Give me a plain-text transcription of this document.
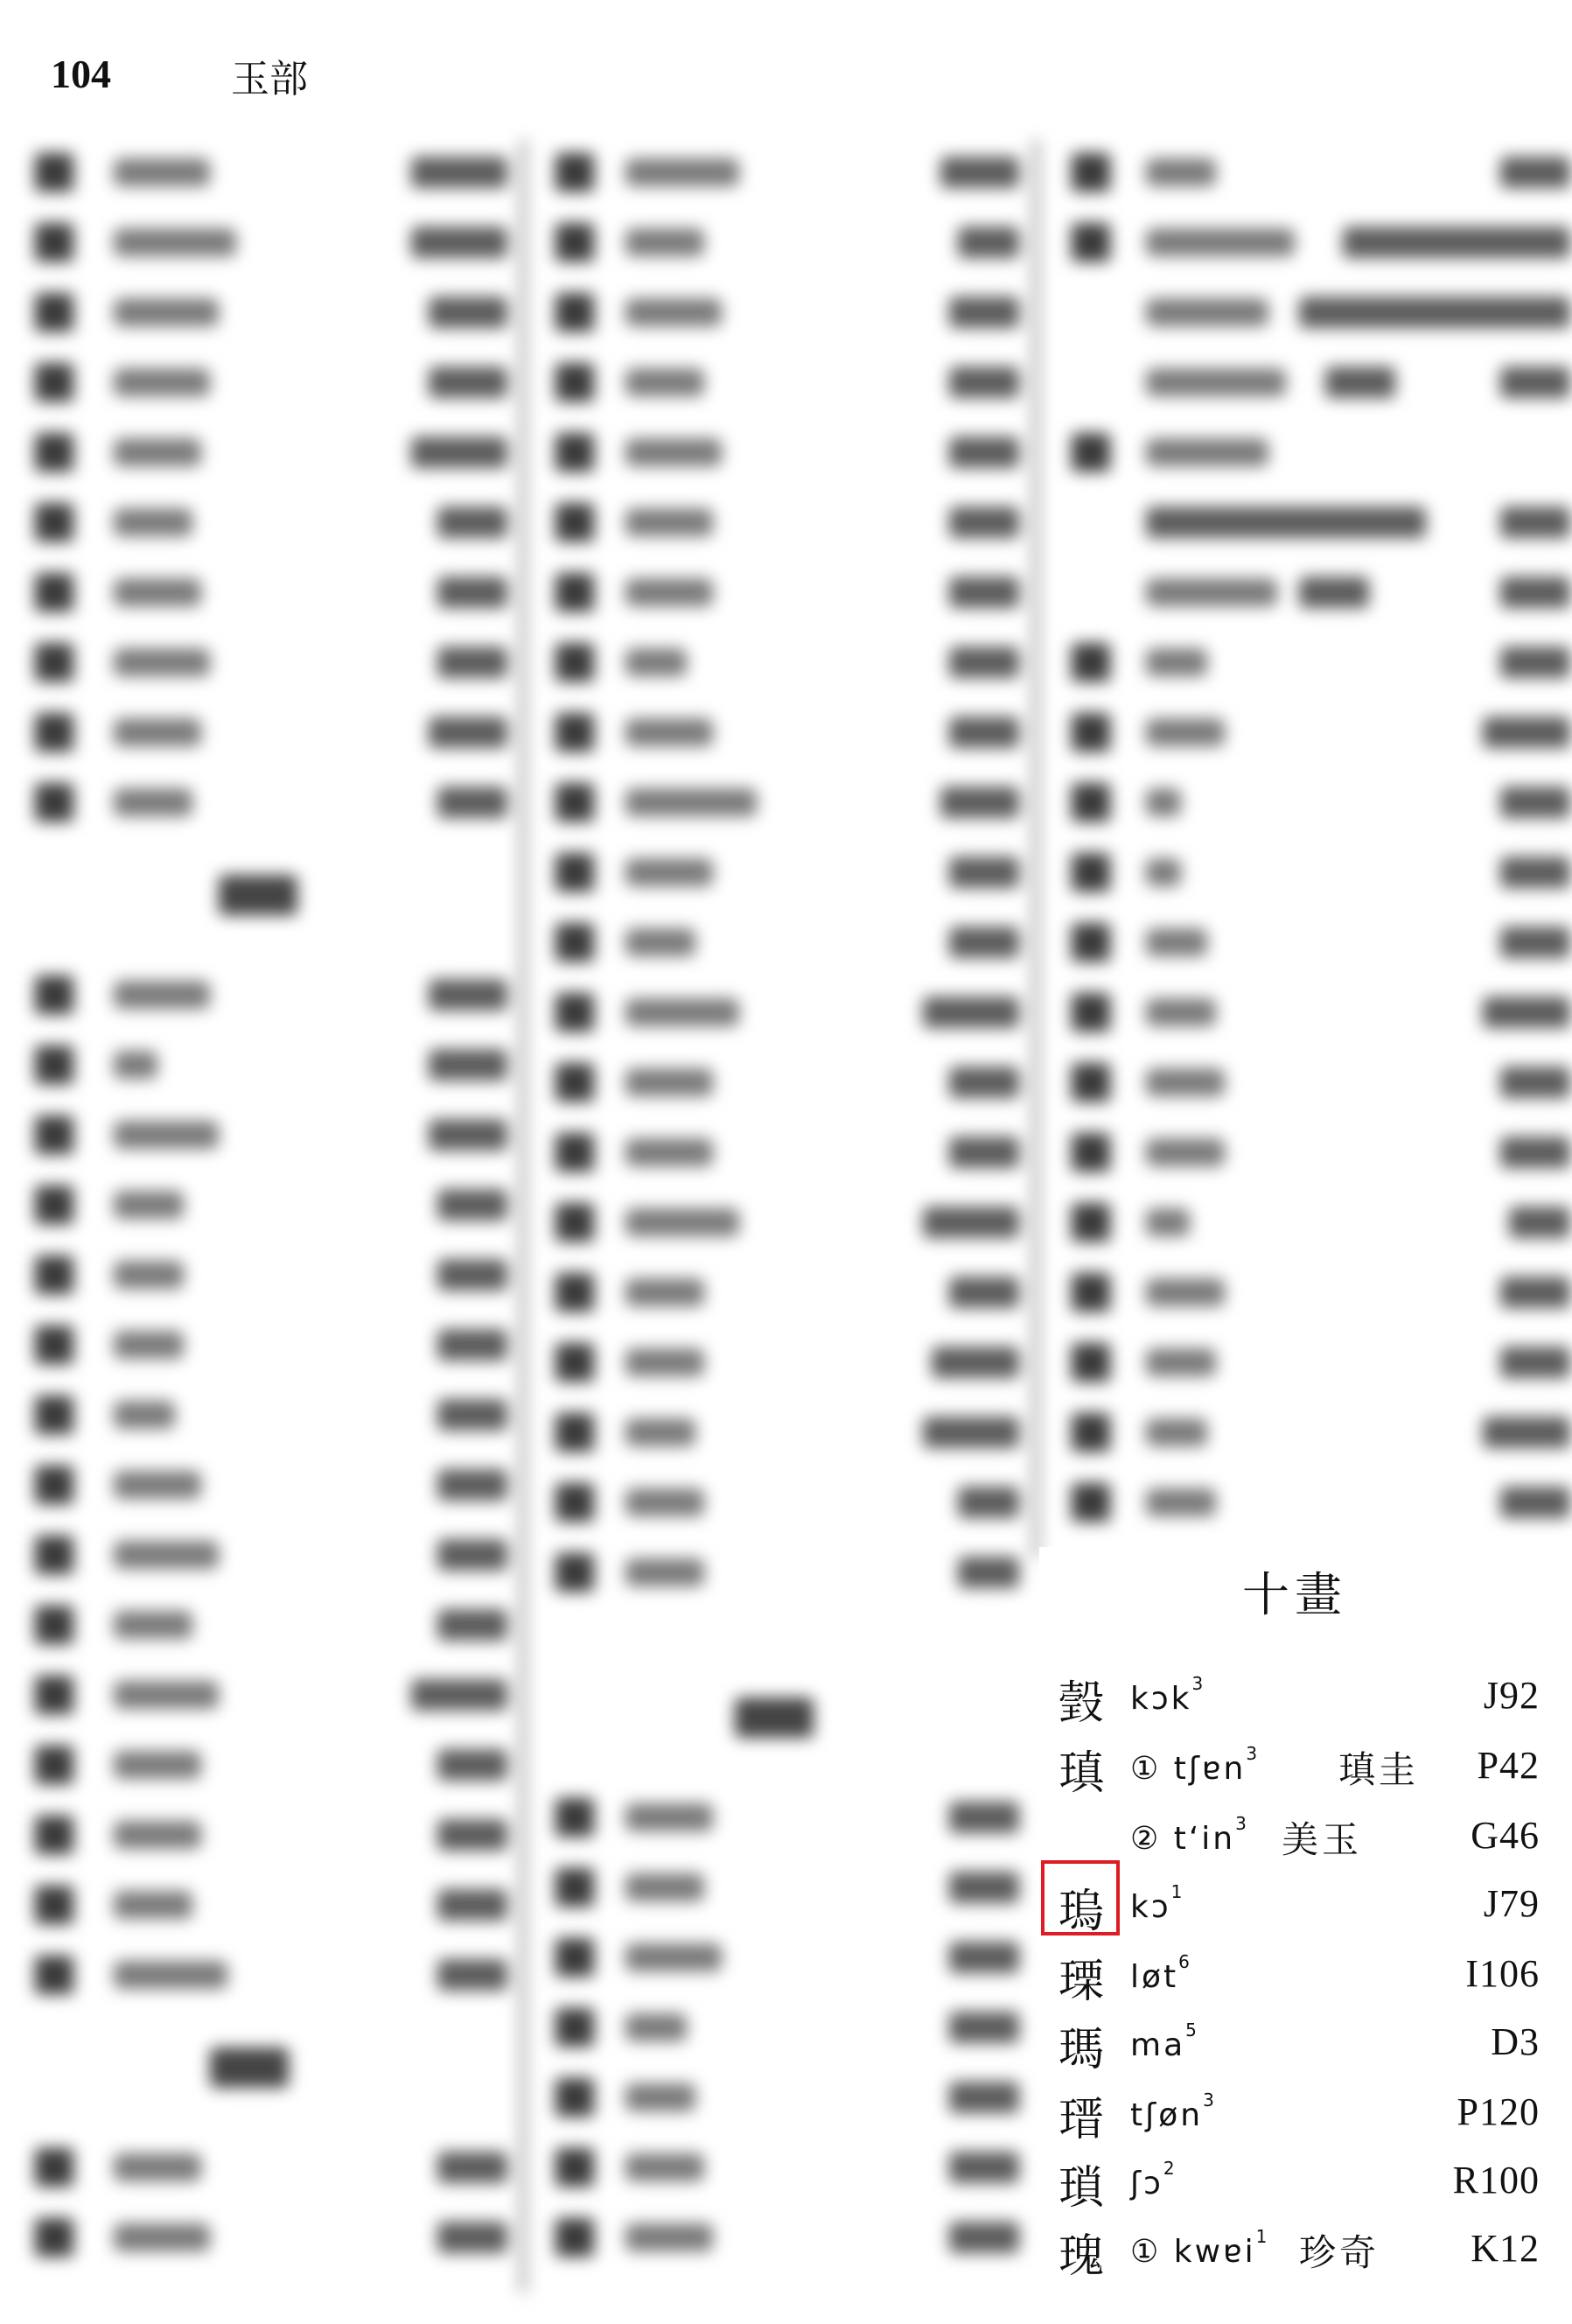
104	玉部
十畫
瑴 kɔk$^3$	J92
瑱 ① tʃɐn$^3$ 瑱圭 P42
② tʻin$^3$ 美玉	G46
瑦 kɔ$^1$	J79
瑮 løt$^6$	I106
瑪 $ma^5$	D3
瑨 tʃøn$^3$	P120
瑣 ʃɔ$^2$	R100
瑰 ① kwɐi$^1$ 珍奇 K12
